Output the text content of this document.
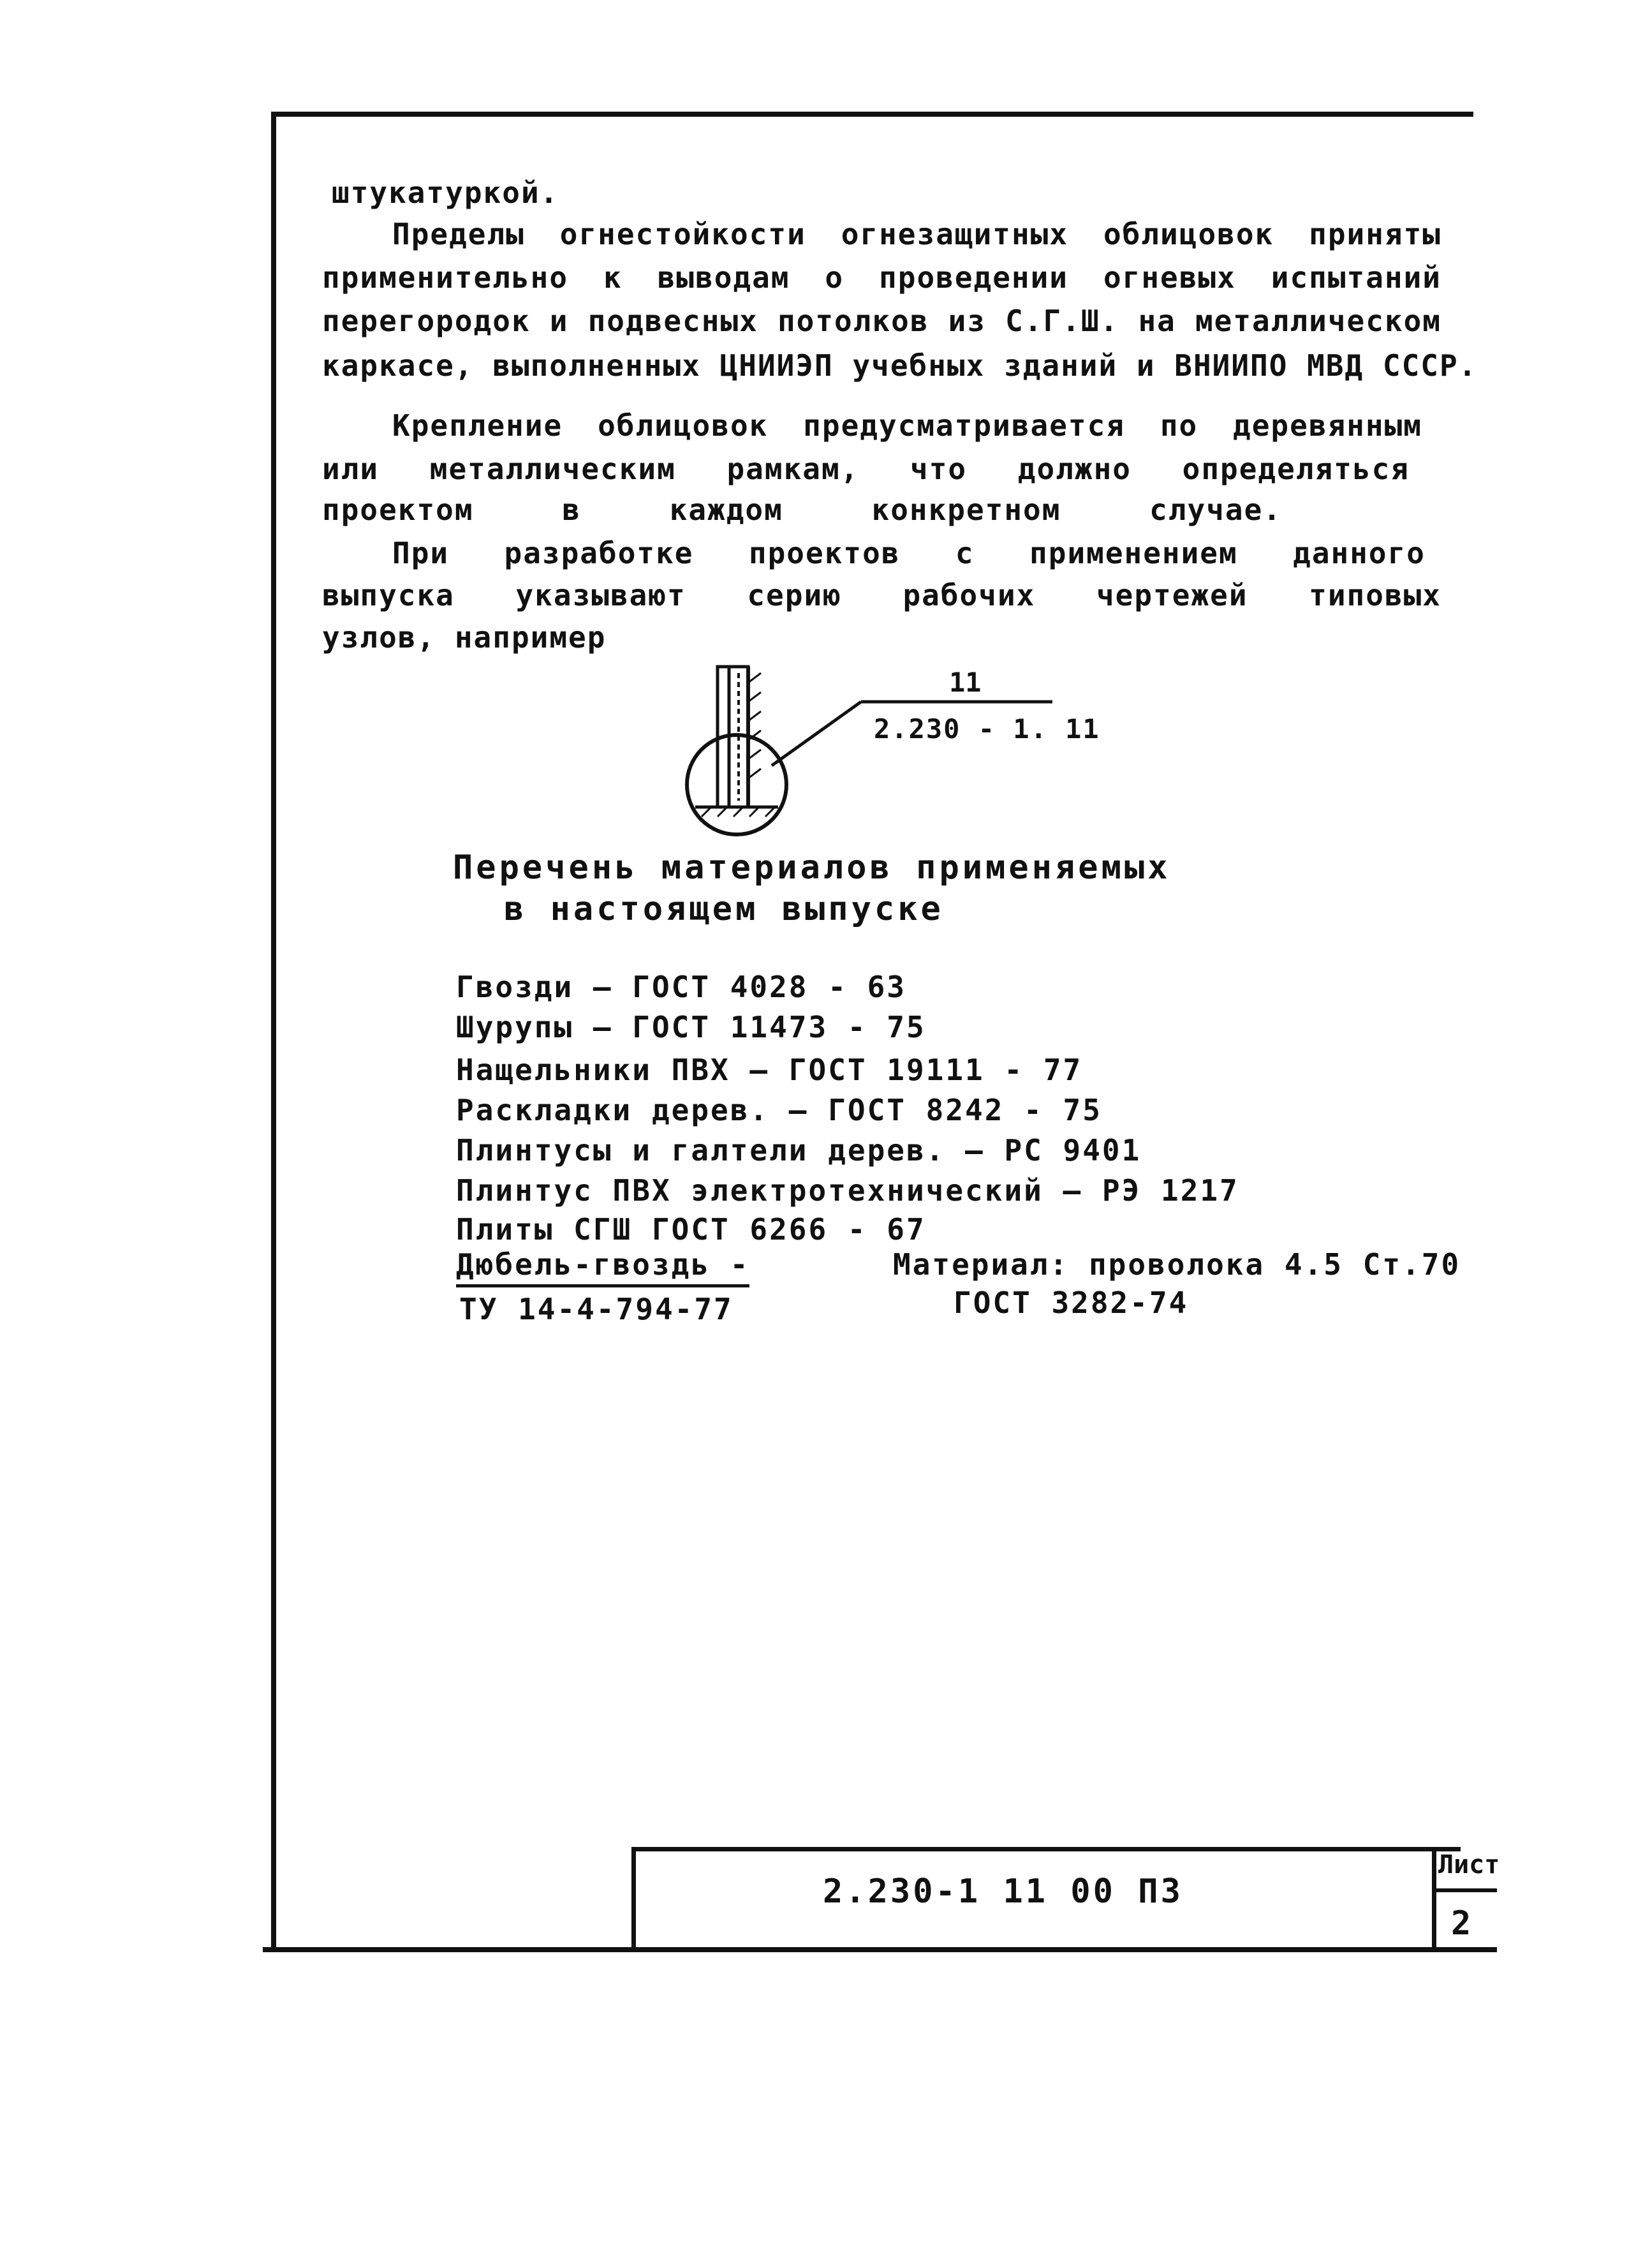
штукатуркой.
Пределы огнестойкости огнезащитных облицовок приняты
применительно к выводам о проведении огневых испытаний
перегородок и подвесных потолков из С.Г.Ш. на металлическом
каркасе, выполненных ЦНИИЭП учебных зданий и ВНИИПО МВД СССР.
Крепление облицовок предусматривается по деревянным
или металлическим рамкам, что должно определяться
проектом в каждом конкретном случае.
При разработке проектов с применением данного
выпуска указывают серию рабочих чертежей типовых
узлов, например
11
2.230 - 1. 11
Перечень материалов применяемых
в настоящем выпуске
Гвозди — ГОСТ 4028 - 63
Шурупы — ГОСТ 11473 - 75
Нащельники ПВХ — ГОСТ 19111 - 77
Раскладки дерев. — ГОСТ 8242 - 75
Плинтусы и галтели дерев. — РС 9401
Плинтус ПВХ электротехнический — РЭ 1217
Плиты СГШ ГОСТ 6266 - 67
Дюбель-гвоздь -
ТУ 14-4-794-77
Материал: проволока 4.5 Ст.70
ГОСТ 3282-74
2.230-1 11 00 ПЗ
Лист
2
